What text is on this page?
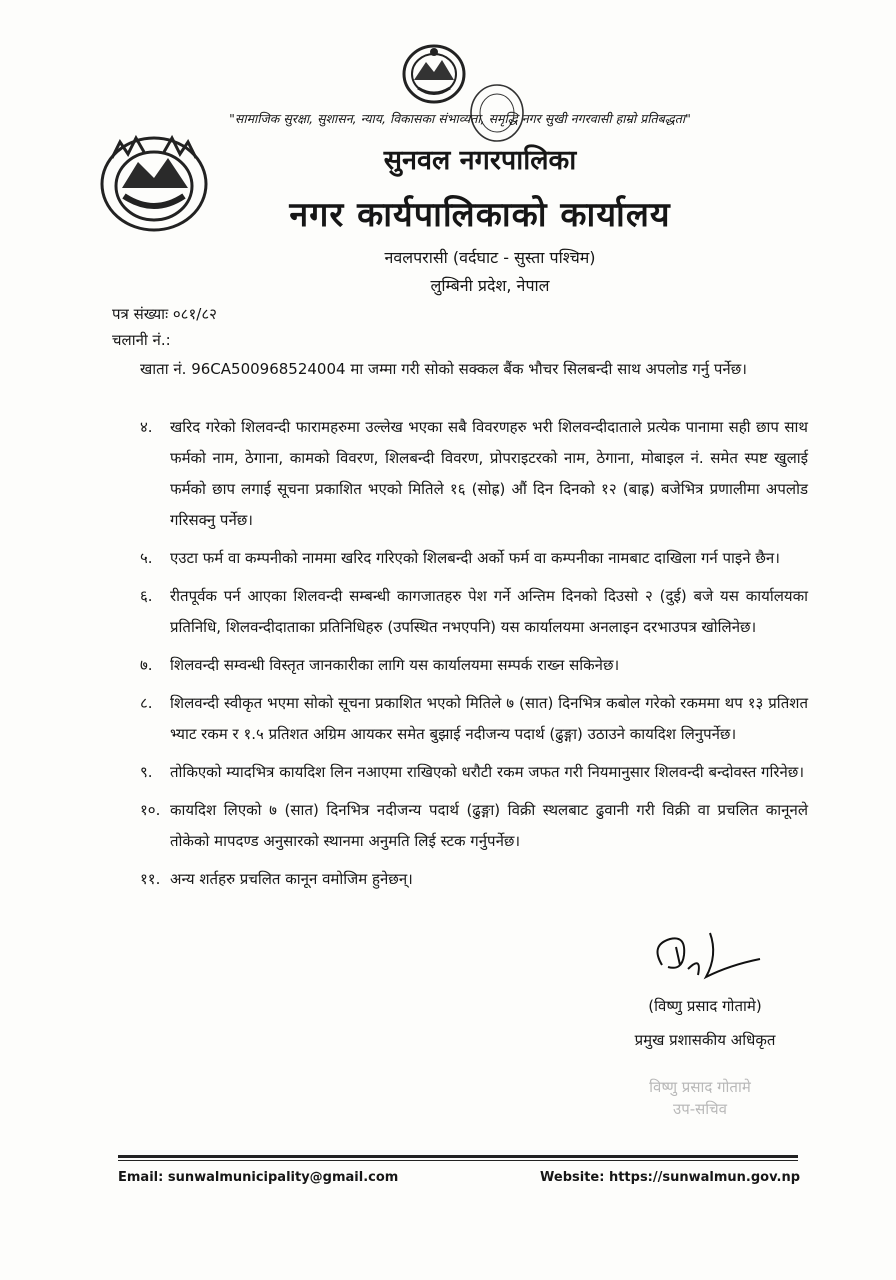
"सामाजिक सुरक्षा, सुशासन, न्याय, विकासका संभाव्यता, समृद्धि नगर सुखी नगरवासी हाम्रो प्रतिबद्धता"
सुनवल नगरपालिका
नगर कार्यपालिकाको कार्यालय
नवलपरासी (वर्दघाट - सुस्ता पश्चिम)
लुम्बिनी प्रदेश, नेपाल
पत्र संख्याः ०८१/८२
चलानी नं.:
खाता नं. 96CA500968524004 मा जम्मा गरी सोको सक्कल बैंक भौचर सिलबन्दी साथ अपलोड गर्नु पर्नेछ।
४. खरिद गरेको शिलवन्दी फारामहरुमा उल्लेख भएका सबै विवरणहरु भरी शिलवन्दीदाताले प्रत्येक पानामा सही छाप साथ फर्मको नाम, ठेगाना, कामको विवरण, शिलबन्दी विवरण, प्रोपराइटरको नाम, ठेगाना, मोबाइल नं. समेत स्पष्ट खुलाई फर्मको छाप लगाई सूचना प्रकाशित भएको मितिले १६ (सोह्र) औं दिन दिनको १२ (बाह्र) बजेभित्र प्रणालीमा अपलोड गरिसक्नु पर्नेछ।
५. एउटा फर्म वा कम्पनीको नाममा खरिद गरिएको शिलबन्दी अर्को फर्म वा कम्पनीका नामबाट दाखिला गर्न पाइने छैन।
६. रीतपूर्वक पर्न आएका शिलवन्दी सम्बन्धी कागजातहरु पेश गर्ने अन्तिम दिनको दिउसो २ (दुई) बजे यस कार्यालयका प्रतिनिधि, शिलवन्दीदाताका प्रतिनिधिहरु (उपस्थित नभएपनि) यस कार्यालयमा अनलाइन दरभाउपत्र खोलिनेछ।
७. शिलवन्दी सम्वन्धी विस्तृत जानकारीका लागि यस कार्यालयमा सम्पर्क राख्न सकिनेछ।
८. शिलवन्दी स्वीकृत भएमा सोको सूचना प्रकाशित भएको मितिले ७ (सात) दिनभित्र कबोल गरेको रकममा थप १३ प्रतिशत भ्याट रकम र १.५ प्रतिशत अग्रिम आयकर समेत बुझाई नदीजन्य पदार्थ (ढुङ्गा) उठाउने कायदिश लिनुपर्नेछ।
९. तोकिएको म्यादभित्र कायदिश लिन नआएमा राखिएको धरौटी रकम जफत गरी नियमानुसार शिलवन्दी बन्दोवस्त गरिनेछ।
१०. कायदिश लिएको ७ (सात) दिनभित्र नदीजन्य पदार्थ (ढुङ्गा) विक्री स्थलबाट ढुवानी गरी विक्री वा प्रचलित कानूनले तोकेको मापदण्ड अनुसारको स्थानमा अनुमति लिई स्टक गर्नुपर्नेछ।
११. अन्य शर्तहरु प्रचलित कानून वमोजिम हुनेछन्।
(विष्णु प्रसाद गोतामे)
प्रमुख प्रशासकीय अधिकृत
विष्णु प्रसाद गोतामे
उप-सचिव
Email: sunwalmunicipality@gmail.com	Website: https://sunwalmun.gov.np
